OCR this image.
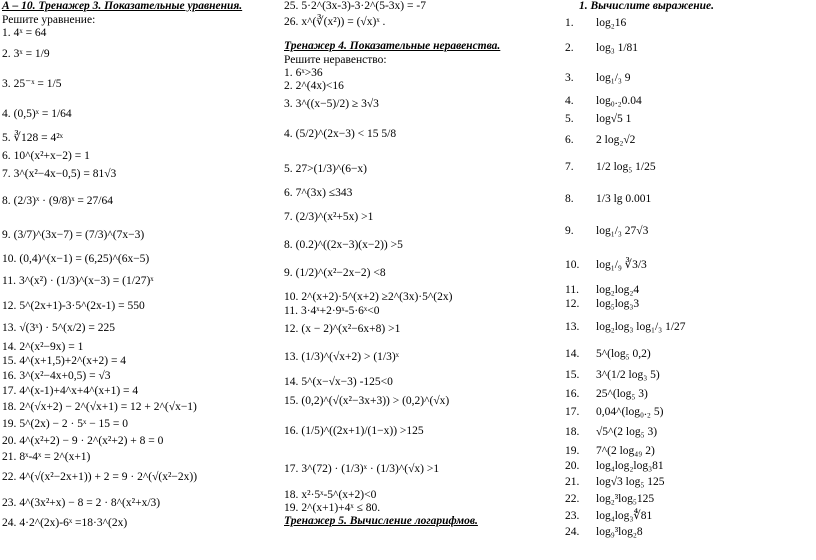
А – 10. Тренажер 3. Показательные уравнения.
Решите уравнение:
1. 4ˣ = 64
2. 3ˣ = 1/9
3. 25⁻ˣ = 1/5
4. (0,5)ˣ = 1/64
5. ∛128 = 4²ˣ
6. 10^(x²+x−2) = 1
7. 3^(x²−4x−0,5) = 81√3
8. (2/3)ˣ · (9/8)ˣ = 27/64
9. (3/7)^(3x−7) = (7/3)^(7x−3)
10. (0,4)^(x−1) = (6,25)^(6x−5)
11. 3^(x²) · (1/3)^(x−3) = (1/27)ˣ
12. 5^(2x+1)-3·5^(2x-1) = 550
13. √(3ˣ) · 5^(x/2) = 225
14. 2^(x²−9x) = 1
15. 4^(x+1,5)+2^(x+2) = 4
16. 3^(x²−4x+0,5) = √3
17. 4^(x-1)+4^x+4^(x+1) = 4
18. 2^(√x+2) − 2^(√x+1) = 12 + 2^(√x−1)
19. 5^(2x) − 2 · 5ˣ − 15 = 0
20. 4^(x²+2) − 9 · 2^(x²+2) + 8 = 0
21. 8ˣ-4ˣ = 2^(x+1)
22. 4^(√(x²−2x+1)) + 2 = 9 · 2^(√(x²−2x))
23. 4^(3x²+x) − 8 = 2 · 8^(x²+x/3)
24. 4·2^(2x)-6ˣ =18·3^(2x)
25. 5·2^(3x-3)-3·2^(5-3x) = -7
26. x^(∛(x²)) = (√x)ˣ .
Тренажер 4. Показательные неравенства.
Решите неравенство:
1. 6ˣ>36
2. 2^(4x)<16
3. 3^((x−5)/2) ≥ 3√3
4. (5/2)^(2x−3) < 15 5/8
5. 27>(1/3)^(6−x)
6. 7^(3x) ≤343
7. (2/3)^(x²+5x) >1
8. (0.2)^((2x−3)(x−2)) >5
9. (1/2)^(x²−2x−2) <8
10. 2^(x+2)·5^(x+2) ≥2^(3x)·5^(2x)
11. 3·4ˣ+2·9ˣ-5·6ˣ<0
12. (x − 2)^(x²−6x+8) >1
13. (1/3)^(√x+2) > (1/3)ˣ
14. 5^(x−√x−3) -125<0
15. (0,2)^(√(x²−3x+3)) > (0,2)^(√x)
16. (1/5)^((2x+1)/(1−x)) >125
17. 3^(72) · (1/3)ˣ · (1/3)^(√x) >1
18. x²·5ˣ-5^(x+2)<0
19. 2^(x+1)+4ˣ ≤ 80.
Тренажер 5. Вычисление логарифмов.
1. Вычислите выражение.
1.	log₂16
2.	log₃ 1/81
3.	log₁/₃ 9
4.	log₀.₂0.04
5.	log√5 1
6.	2 log₂√2
7.	1/2 log₅ 1/25
8.	1/3 lg 0.001
9.	log₁/₃ 27√3
10.	log₁/₉ ∛3/3
11.	log₂log₂4
12.	log₅log₃3
13.	log₂log₃ log₁/₃ 1/27
14.	5^(log₅ 0,2)
15.	3^(1/2 log₃ 5)
16.	25^(log₅ 3)
17.	0,04^(log₀.₂ 5)
18.	√5^(2 log₅ 3)
19.	7^(2 log₄₉ 2)
20.	log₄log₂log₃81
21.	log√3 log₅ 125
22.	log₂³log₅125
23.	log₄log₃∜81
24.	log₉³log₂8
